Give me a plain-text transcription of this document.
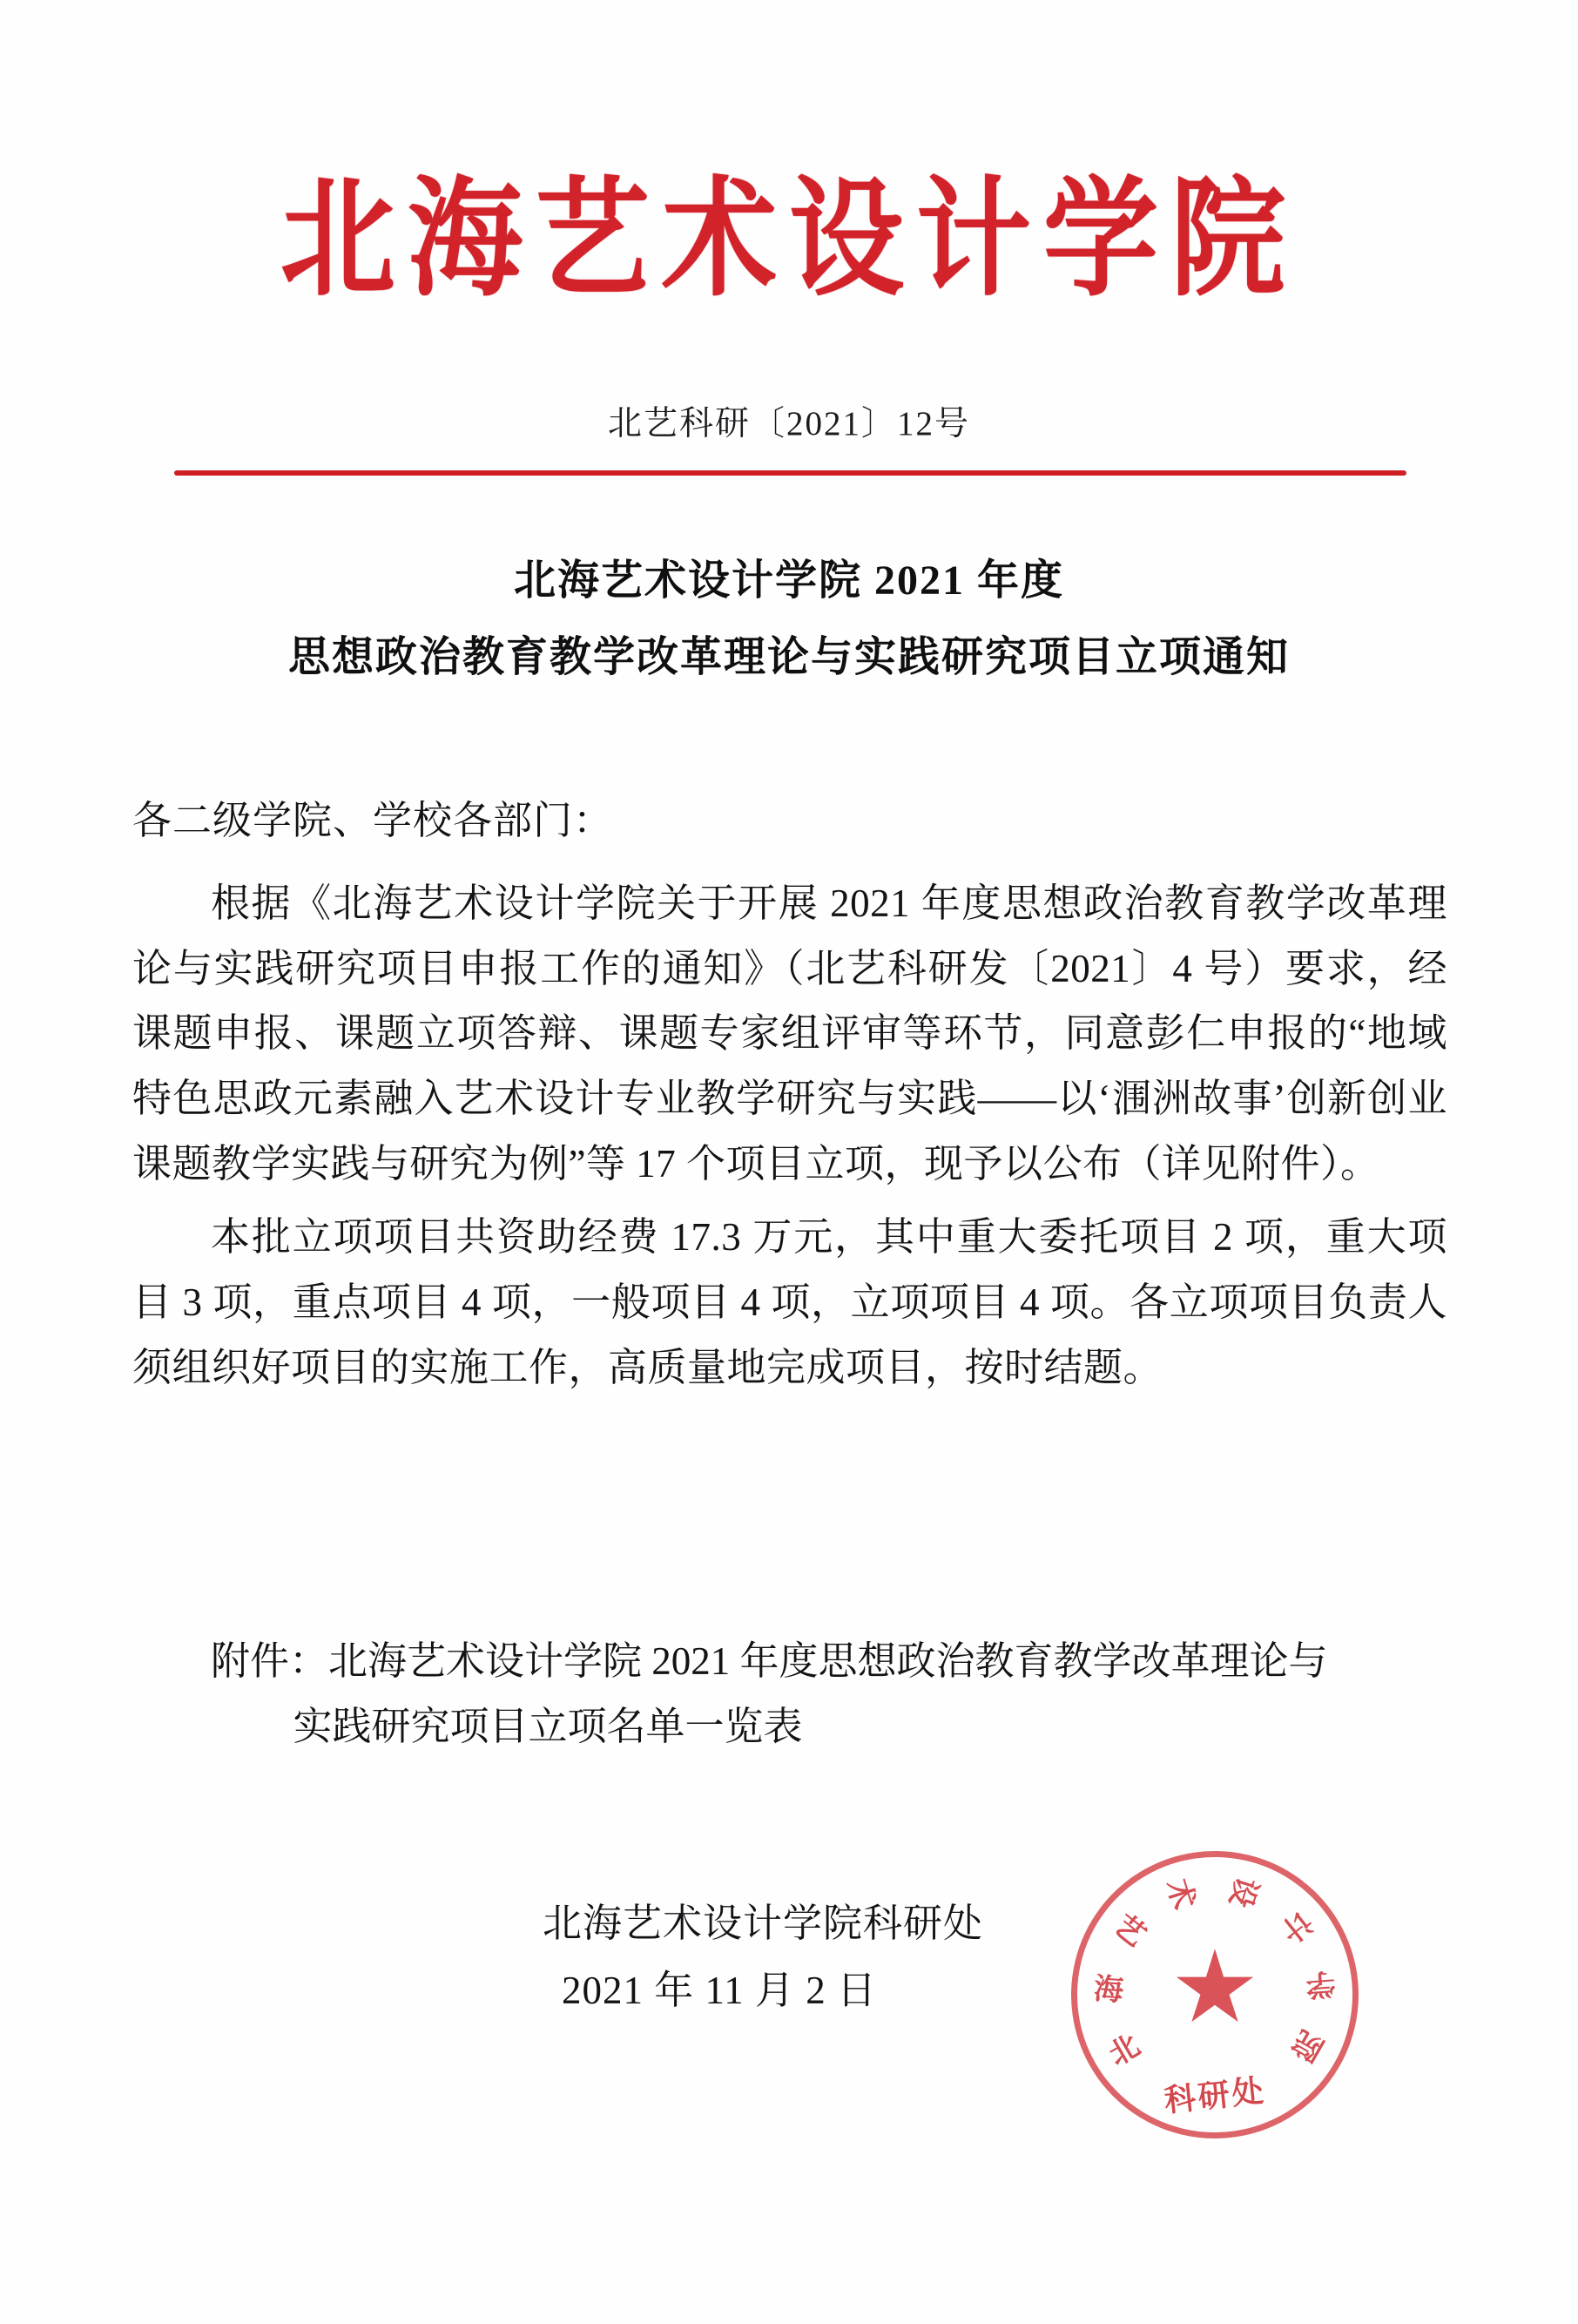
北海艺术设计学院
北艺科研〔2021〕12号
北海艺术设计学院 2021 年度
思想政治教育教学改革理论与实践研究项目立项通知
各二级学院、学校各部门：

根据《北海艺术设计学院关于开展 2021 年度思想政治教育教学改革理论与实践研究项目申报工作的通知》（北艺科研发〔2021〕4 号）要求，经课题申报、课题立项答辩、课题专家组评审等环节，同意彭仁申报的“地域特色思政元素融入艺术设计专业教学研究与实践——以‘涠洲故事’创新创业课题教学实践与研究为例”等 17 个项目立项，现予以公布（详见附件）。

本批立项项目共资助经费 17.3 万元，其中重大委托项目 2 项，重大项目 3 项，重点项目 4 项，一般项目 4 项，立项项目 4 项。各立项项目负责人须组织好项目的实施工作，高质量地完成项目，按时结题。

附件：北海艺术设计学院 2021 年度思想政治教育教学改革理论与

实践研究项目立项名单一览表

北海艺术设计学院科研处
2021 年 11 月 2 日
北
海
艺
术 设
计
学
院
科研处
